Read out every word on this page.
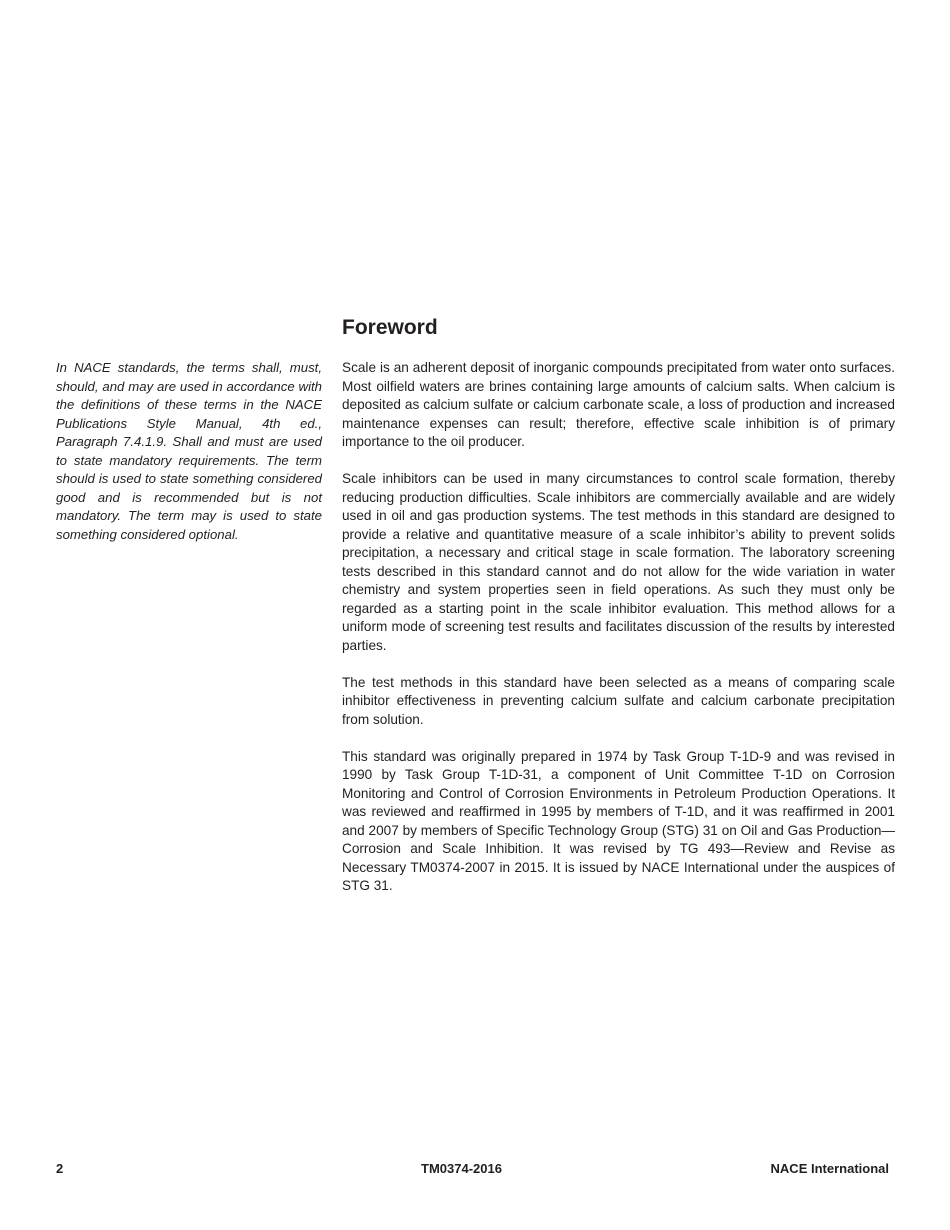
Foreword

In NACE standards, the terms shall, must, should, and may are used in accordance with the definitions of these terms in the NACE Publications Style Manual, 4th ed., Paragraph 7.4.1.9. Shall and must are used to state mandatory requirements. The term should is used to state something considered good and is recommended but is not mandatory. The term may is used to state something considered optional.

Scale is an adherent deposit of inorganic compounds precipitated from water onto surfaces. Most oilfield waters are brines containing large amounts of calcium salts. When calcium is deposited as calcium sulfate or calcium carbonate scale, a loss of production and increased maintenance expenses can result; therefore, effective scale inhibition is of primary importance to the oil producer.

Scale inhibitors can be used in many circumstances to control scale formation, thereby reducing production difficulties. Scale inhibitors are commercially available and are widely used in oil and gas production systems. The test methods in this standard are designed to provide a relative and quantitative measure of a scale inhibitor’s ability to prevent solids precipitation, a necessary and critical stage in scale formation. The laboratory screening tests described in this standard cannot and do not allow for the wide variation in water chemistry and system properties seen in field operations. As such they must only be regarded as a starting point in the scale inhibitor evaluation. This method allows for a uniform mode of screening test results and facilitates discussion of the results by interested parties.

The test methods in this standard have been selected as a means of comparing scale inhibitor effectiveness in preventing calcium sulfate and calcium carbonate precipitation from solution.

This standard was originally prepared in 1974 by Task Group T-1D-9 and was revised in 1990 by Task Group T-1D-31, a component of Unit Committee T-1D on Corrosion Monitoring and Control of Corrosion Environments in Petroleum Production Operations. It was reviewed and reaffirmed in 1995 by members of T-1D, and it was reaffirmed in 2001 and 2007 by members of Specific Technology Group (STG) 31 on Oil and Gas Production—Corrosion and Scale Inhibition. It was revised by TG 493—Review and Revise as Necessary TM0374-2007 in 2015. It is issued by NACE International under the auspices of STG 31.

2	TM0374-2016	NACE International
